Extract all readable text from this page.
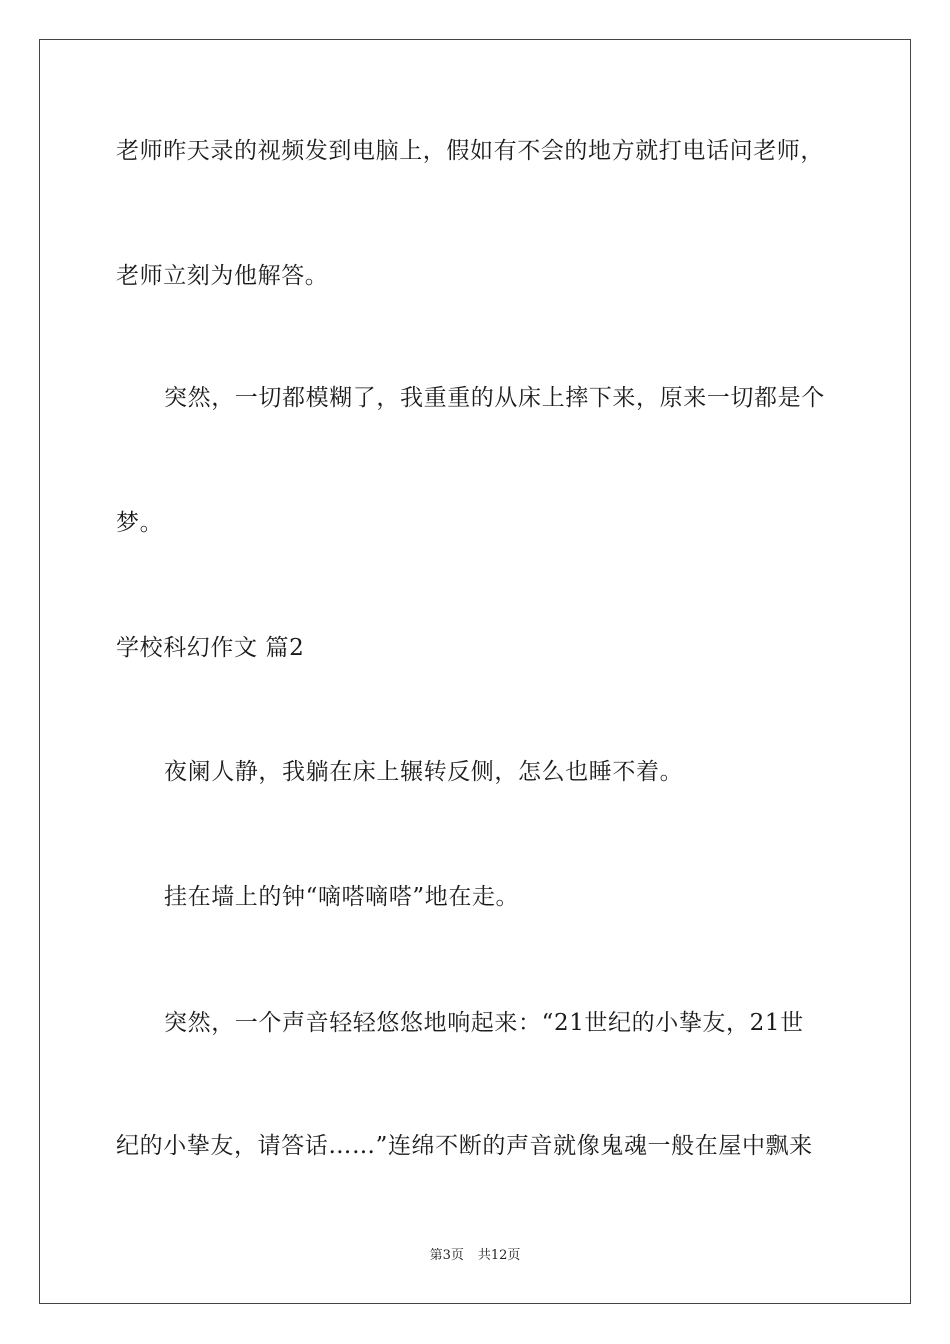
老师昨天录的视频发到电脑上，假如有不会的地方就打电话问老师，
老师立刻为他解答。
突然，一切都模糊了，我重重的从床上摔下来，原来一切都是个
梦。
学校科幻作文 篇2
夜阑人静，我躺在床上辗转反侧，怎么也睡不着。
挂在墙上的钟“嘀嗒嘀嗒”地在走。
突然，一个声音轻轻悠悠地响起来：“21世纪的小挚友，21世
纪的小挚友，请答话……”连绵不断的声音就像鬼魂一般在屋中飘来
第3页 共12页
